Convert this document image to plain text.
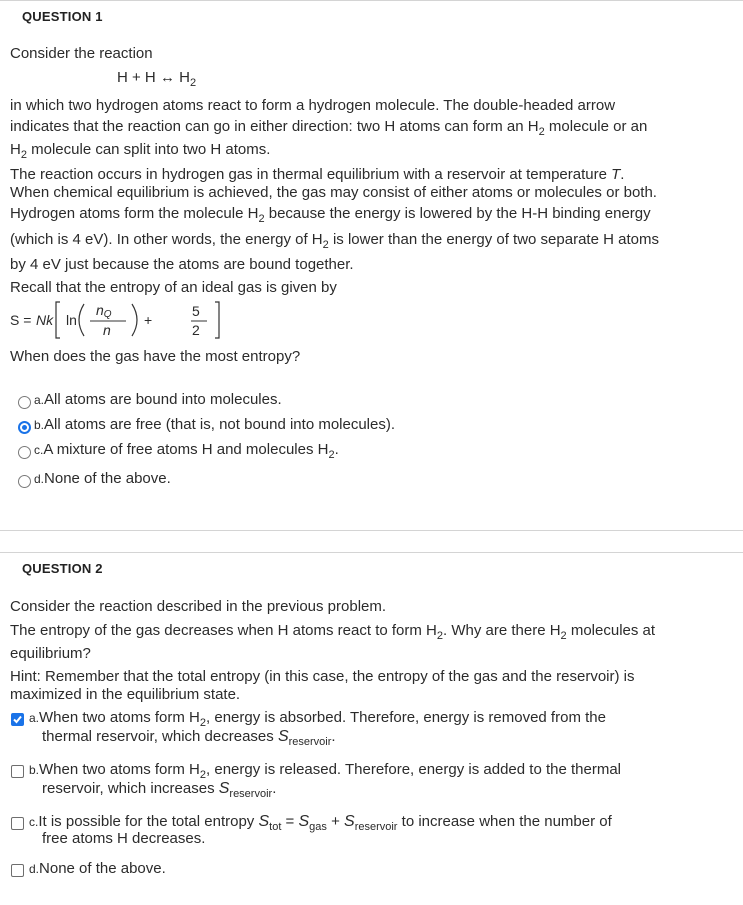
QUESTION 1
Consider the reaction
H + H ↔ $H_2$
in which two hydrogen atoms react to form a hydrogen molecule. The double-headed arrow
indicates that the reaction can go in either direction: two H atoms can form an $H_2$ molecule or an
$H_2$ molecule can split into two H atoms.
The reaction occurs in hydrogen gas in thermal equilibrium with a reservoir at temperature T.
When chemical equilibrium is achieved, the gas may consist of either atoms or molecules or both.
Hydrogen atoms form the molecule $H_2$ because the energy is lowered by the H-H binding energy
(which is 4 eV). In other words, the energy of $H_2$ is lower than the energy of two separate H atoms
by 4 eV just because the atoms are bound together.
Recall that the entropy of an ideal gas is given by
S = Nk ln
nQ
n
+
5
2
When does the gas have the most entropy?
a.All atoms are bound into molecules.
b.All atoms are free (that is, not bound into molecules).
c.A mixture of free atoms H and molecules $H_2$.
d.None of the above.
QUESTION 2
Consider the reaction described in the previous problem.
The entropy of the gas decreases when H atoms react to form $H_2$. Why are there $H_2$ molecules at
equilibrium?
Hint: Remember that the total entropy (in this case, the entropy of the gas and the reservoir) is
maximized in the equilibrium state.
a.When two atoms form $H_2$, energy is absorbed. Therefore, energy is removed from the
thermal reservoir, which decreases $S_{reservoir}$.
b.When two atoms form $H_2$, energy is released. Therefore, energy is added to the thermal
reservoir, which increases $S_{reservoir}$.
c.It is possible for the total entropy $S_{tot} = S_{gas} + S_{reservoir}$ to increase when the number of
free atoms H decreases.
d.None of the above.
